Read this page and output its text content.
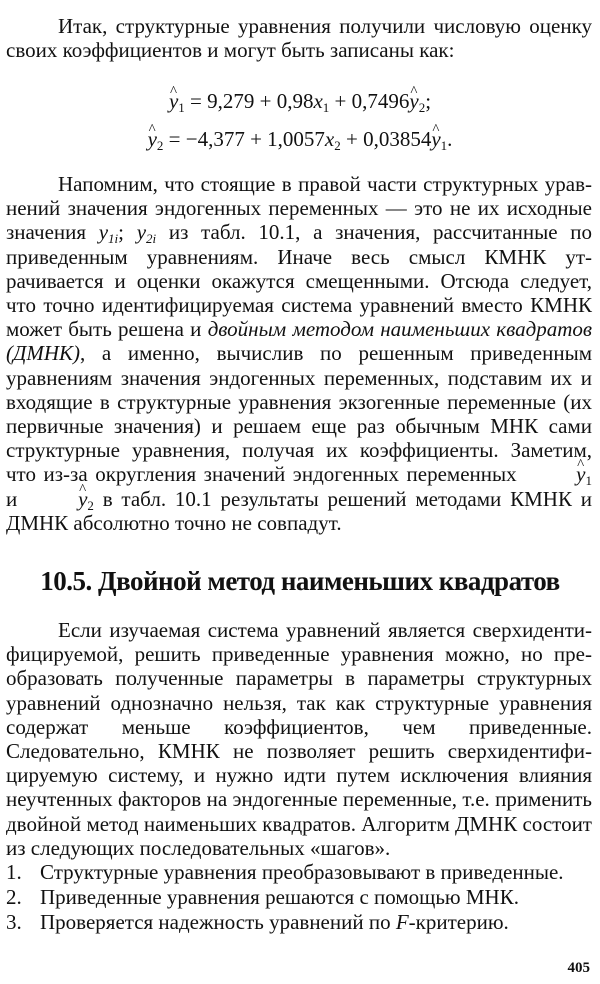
Итак, структурные уравнения получили числовую оценку своих коэффициентов и могут быть записаны как:

^ $y_1 = 9,279 + 0,98x_1$ + 0,7496^ $y_2$;
^ $y_2 = -4,377 + 1,0057x_2$ + 0,03854^ $y_1$.

Напомним, что стоящие в правой части структурных уравнений значения эндогенных переменных — это не их исходные значения $y_{1i}$; $y_{2i}$ из табл. 10.1, а значения, рассчитанные по приведенным уравнениям. Иначе весь смысл КМНК утрачивается и оценки окажутся смещенными. Отсюда следует, что точно идентифицируемая система уравнений вместо КМНК может быть решена и двойным методом наименьших квадратов (ДМНК), а именно, вычислив по решенным приведенным уравнениям значения эндогенных переменных, подставим их и входящие в структурные уравнения экзогенные переменные (их первичные значения) и решаем еще раз обычным МНК сами структурные уравнения, получая их коэффициенты. Заметим, что из-за округления значений эндогенных переменных ^ $y_1$ и ^ $y_2$ в табл. 10.1 результаты решений методами КМНК и ДМНК абсолютно точно не совпадут.

10.5. Двойной метод наименьших квадратов

Если изучаемая система уравнений является сверхидентифицируемой, решить приведенные уравнения можно, но преобразовать полученные параметры в параметры структурных уравнений однозначно нельзя, так как структурные уравнения содержат меньше коэффициентов, чем приведенные. Следовательно, КМНК не позволяет решить сверхидентифицируемую систему, и нужно идти путем исключения влияния неучтенных факторов на эндогенные переменные, т.е. применить двойной метод наименьших квадратов. Алгоритм ДМНК состоит из следующих последовательных «шагов».

1. Структурные уравнения преобразовывают в приведенные.
2. Приведенные уравнения решаются с помощью МНК.
3. Проверяется надежность уравнений по F-критерию.
405
